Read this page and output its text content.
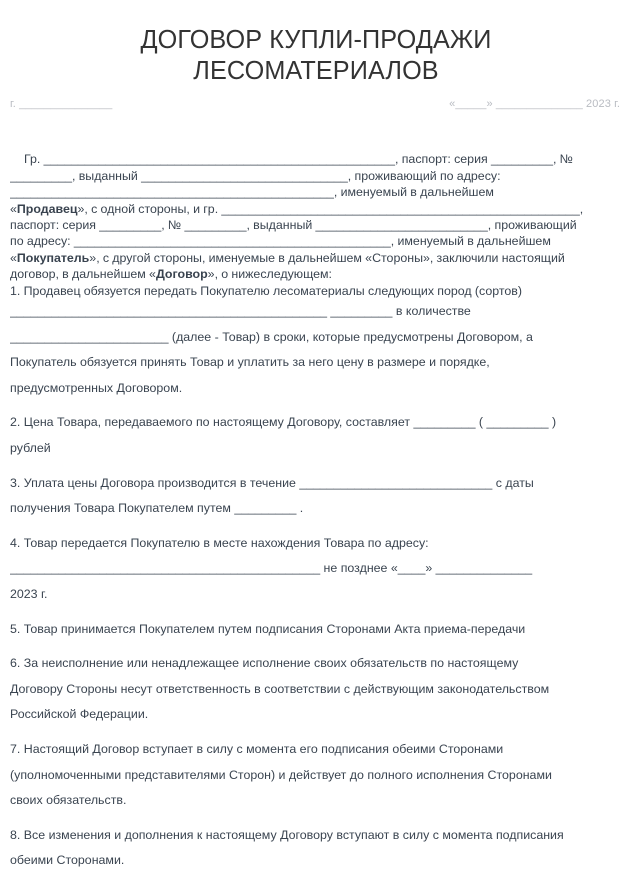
ДОГОВОР КУПЛИ-ПРОДАЖИ
ЛЕСОМАТЕРИАЛОВ
г. _______________	«_____» ______________ 2023 г.
Гр. ___________________________________________________, паспорт: серия _________, №
_________, выданный ______________________________, проживающий по адресу:
_______________________________________________, именуемый в дальнейшем
«Продавец», с одной стороны, и гр. ____________________________________________________,
паспорт: серия _________, № _________, выданный _________________________, проживающий
по адресу: ______________________________________________, именуемый в дальнейшем
«Покупатель», с другой стороны, именуемые в дальнейшем «Стороны», заключили настоящий
договор, в дальнейшем «Договор», о нижеследующем:
1. Продавец обязуется передать Покупателю лесоматериалы следующих пород (сортов)
______________________________________________ _________ в количестве
_______________________ (далее - Товар) в сроки, которые предусмотрены Договором, а
Покупатель обязуется принять Товар и уплатить за него цену в размере и порядке,
предусмотренных Договором.
2. Цена Товара, передаваемого по настоящему Договору, составляет _________ ( _________ )
рублей
3. Уплата цены Договора производится в течение ____________________________ с даты
получения Товара Покупателем путем _________ .
4. Товар передается Покупателю в месте нахождения Товара по адресу:
_____________________________________________ не позднее «____» ______________
2023 г.
5. Товар принимается Покупателем путем подписания Сторонами Акта приема-передачи
6. За неисполнение или ненадлежащее исполнение своих обязательств по настоящему
Договору Стороны несут ответственность в соответствии с действующим законодательством
Российской Федерации.
7. Настоящий Договор вступает в силу с момента его подписания обеими Сторонами
(уполномоченными представителями Сторон) и действует до полного исполнения Сторонами
своих обязательств.
8. Все изменения и дополнения к настоящему Договору вступают в силу с момента подписания
обеими Сторонами.
